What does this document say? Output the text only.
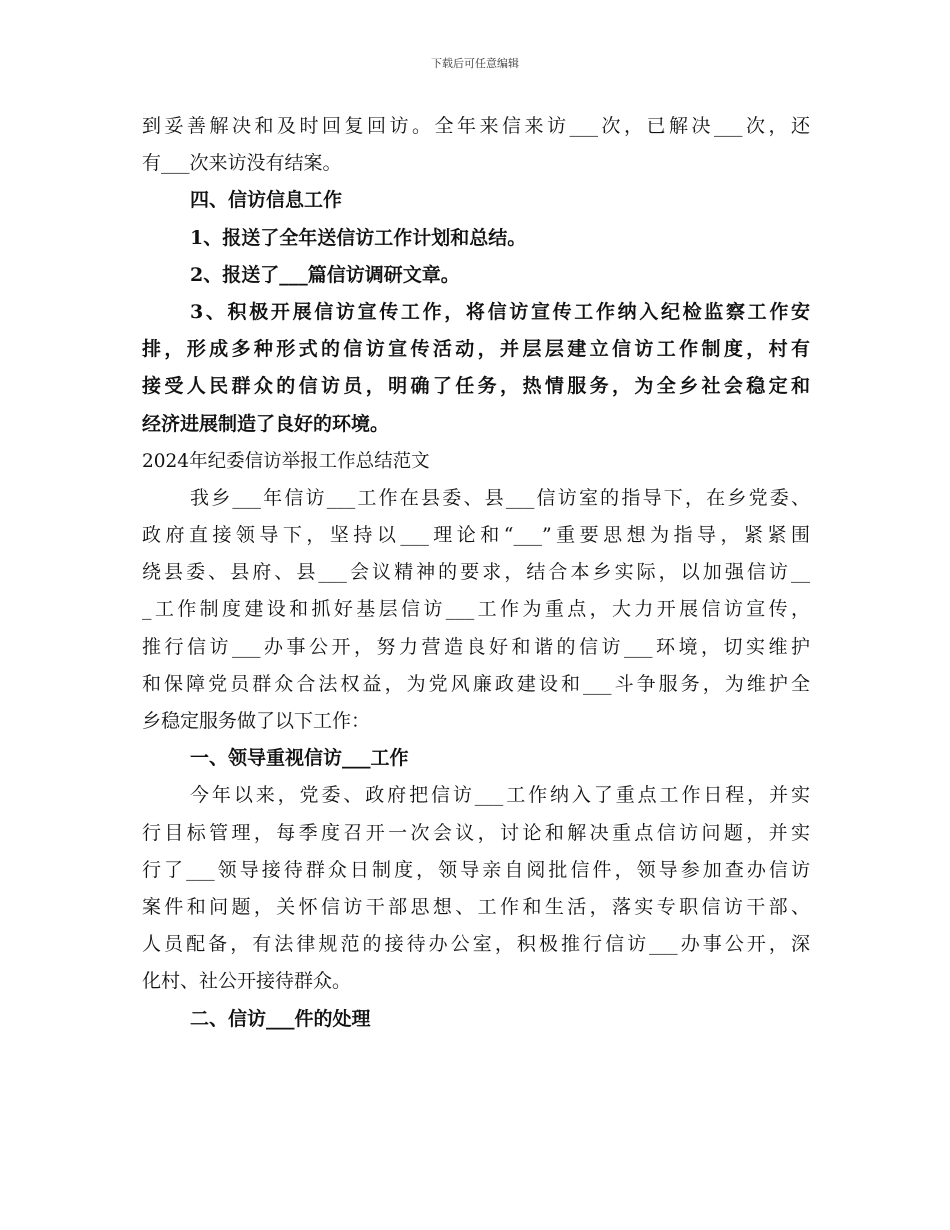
下载后可任意编辑
到妥善解决和及时回复回访。全年来信来访___次，已解决___次，还
有___次来访没有结案。
四、信访信息工作
1、报送了全年送信访工作计划和总结。
2、报送了___篇信访调研文章。
3、积极开展信访宣传工作，将信访宣传工作纳入纪检监察工作安
排，形成多种形式的信访宣传活动，并层层建立信访工作制度，村有
接受人民群众的信访员，明确了任务，热情服务，为全乡社会稳定和
经济进展制造了良好的环境。
2024年纪委信访举报工作总结范文
我乡___年信访___工作在县委、县___信访室的指导下，在乡党委、
政府直接领导下，坚持以___理论和“___”重要思想为指导，紧紧围
绕县委、县府、县___会议精神的要求，结合本乡实际，以加强信访__
_工作制度建设和抓好基层信访___工作为重点，大力开展信访宣传，
推行信访___办事公开，努力营造良好和谐的信访___环境，切实维护
和保障党员群众合法权益，为党风廉政建设和___斗争服务，为维护全
乡稳定服务做了以下工作：
一、领导重视信访___工作
今年以来，党委、政府把信访___工作纳入了重点工作日程，并实
行目标管理，每季度召开一次会议，讨论和解决重点信访问题，并实
行了___领导接待群众日制度，领导亲自阅批信件，领导参加查办信访
案件和问题，关怀信访干部思想、工作和生活，落实专职信访干部、
人员配备，有法律规范的接待办公室，积极推行信访___办事公开，深
化村、社公开接待群众。
二、信访___件的处理
